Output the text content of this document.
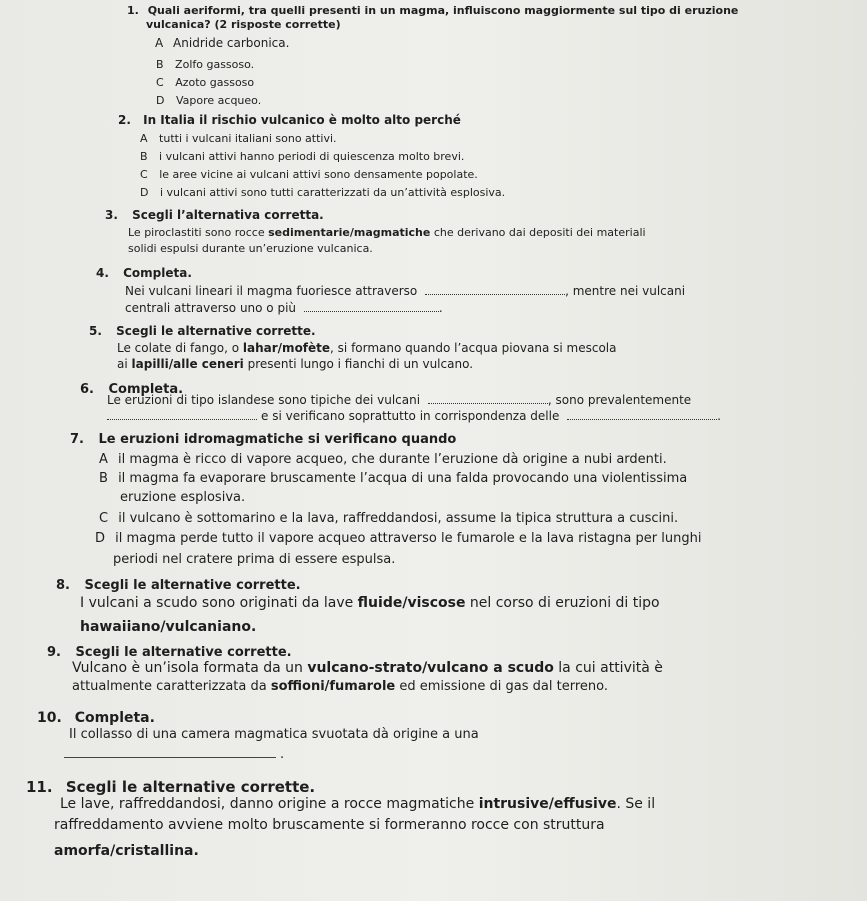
1. Quali aeriformi, tra quelli presenti in un magma, influiscono maggiormente sul tipo di eruzione
vulcanica? (2 risposte corrette)
A Anidride carbonica.
B Zolfo gassoso.
C Azoto gassoso
D Vapore acqueo.
2. In Italia il rischio vulcanico è molto alto perché
A tutti i vulcani italiani sono attivi.
B i vulcani attivi hanno periodi di quiescenza molto brevi.
C le aree vicine ai vulcani attivi sono densamente popolate.
D i vulcani attivi sono tutti caratterizzati da un’attività esplosiva.
3. Scegli l’alternativa corretta.
Le piroclastiti sono rocce sedimentarie/magmatiche che derivano dai depositi dei materiali
solidi espulsi durante un’eruzione vulcanica.
4. Completa.
Nei vulcani lineari il magma fuoriesce attraverso	, mentre nei vulcani
centrali attraverso uno o più	.
5. Scegli le alternative corrette.
Le colate di fango, o lahar/mofète, si formano quando l’acqua piovana si mescola
ai lapilli/alle ceneri presenti lungo i fianchi di un vulcano.
6. Completa.
Le eruzioni di tipo islandese sono tipiche dei vulcani	, sono prevalentemente
e si verificano soprattutto in corrispondenza delle	.
7. Le eruzioni idromagmatiche si verificano quando
A il magma è ricco di vapore acqueo, che durante l’eruzione dà origine a nubi ardenti.
B il magma fa evaporare bruscamente l’acqua di una falda provocando una violentissima
eruzione esplosiva.
C il vulcano è sottomarino e la lava, raffreddandosi, assume la tipica struttura a cuscini.
D il magma perde tutto il vapore acqueo attraverso le fumarole e la lava ristagna per lunghi
periodi nel cratere prima di essere espulsa.
8. Scegli le alternative corrette.
I vulcani a scudo sono originati da lave fluide/viscose nel corso di eruzioni di tipo
hawaiiano/vulcaniano.
9. Scegli le alternative corrette.
Vulcano è un’isola formata da un vulcano-strato/vulcano a scudo la cui attività è
attualmente caratterizzata da soffioni/fumarole ed emissione di gas dal terreno.
10. Completa.
Il collasso di una camera magmatica svuotata dà origine a una
.
11. Scegli le alternative corrette.
Le lave, raffreddandosi, danno origine a rocce magmatiche intrusive/effusive. Se il
raffreddamento avviene molto bruscamente si formeranno rocce con struttura
amorfa/cristallina.
